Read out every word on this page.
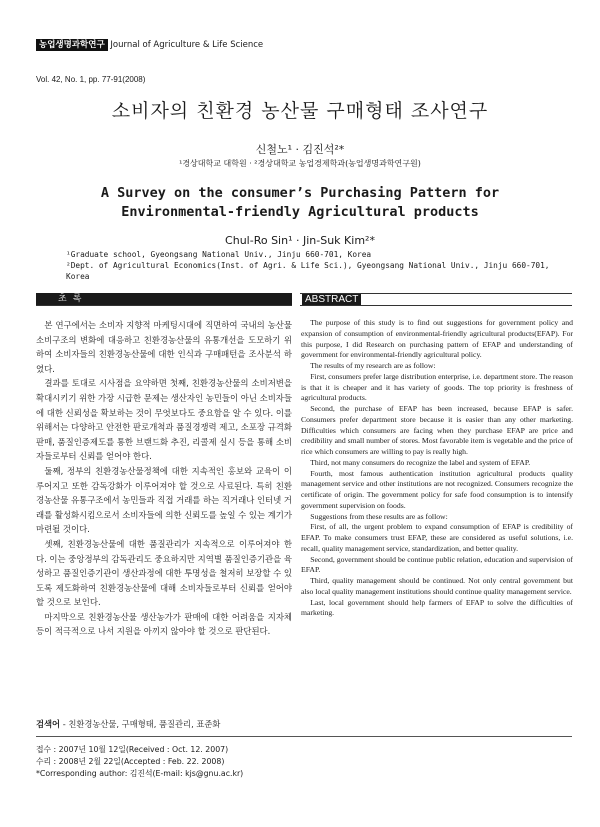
농업생명과학연구 Journal of Agriculture & Life Science
Vol. 42, No. 1, pp. 77-91(2008)
소비자의 친환경 농산물 구매형태 조사연구
신철노¹ · 김진석²*
¹경상대학교 대학원 · ²경상대학교 농업경제학과(농업생명과학연구원)
A Survey on the consumer’s Purchasing Pattern for
Environmental-friendly Agricultural products
Chul-Ro Sin¹ · Jin-Suk Kim²*
¹Graduate school, Gyeongsang National Univ., Jinju 660-701, Korea
²Dept. of Agricultural Economics(Inst. of Agri. & Life Sci.), Gyeongsang National Univ., Jinju 660-701, Korea
초록	ABSTRACT

본 연구에서는 소비자 지향적 마케팅시대에 직면하여 국내의 농산물 소비구조의 변화에 대응하고 친환경농산물의 유통개선을 도모하기 위하여 소비자들의 친환경농산물에 대한 인식과 구매패턴을 조사분석 하였다.

결과를 토대로 시사점을 요약하면 첫째, 친환경농산물의 소비저변을 확대시키기 위한 가장 시급한 문제는 생산자인 농민들이 아닌 소비자들에 대한 신뢰성을 확보하는 것이 무엇보다도 중요함을 알 수 있다. 이를 위해서는 다양하고 안전한 판로개척과 품질경쟁력 제고, 소포장 규격화 판매, 품질인증제도를 통한 브랜드화 추진, 리콜제 실시 등을 통해 소비자들로부터 신뢰를 얻어야 한다.

둘째, 정부의 친환경농산물정책에 대한 지속적인 홍보와 교육이 이루어지고 또한 감독강화가 이루어져야 할 것으로 사료된다. 특히 친환경농산물 유통구조에서 농민들과 직접 거래를 하는 직거래나 인터넷 거래를 활성화시킴으로서 소비자들에 의한 신뢰도를 높일 수 있는 계기가 마련될 것이다.

셋째, 친환경농산물에 대한 품질관리가 지속적으로 이루어져야 한다. 이는 중앙정부의 감독관리도 중요하지만 지역별 품질인증기관을 육성하고 품질인증기관이 생산과정에 대한 투명성을 철저히 보장할 수 있도록 제도화하여 친환경농산물에 대해 소비자들로부터 신뢰를 얻어야 할 것으로 보인다.

마지막으로 친환경농산물 생산농가가 판매에 대한 어려움을 지자체 등이 적극적으로 나서 지원을 아끼지 않아야 할 것으로 판단된다.

검색어 - 친환경농산물, 구매형태, 품질관리, 표준화

The purpose of this study is to find out suggestions for government policy and expansion of consumption of environmental-friendly agricultural products(EFAP). For this purpose, I did Research on purchasing pattern of EFAP and understanding of government for environmental-friendly agricultural policy.

The results of my research are as follow:

First, consumers prefer large distribution enterprise, i.e. department store. The reason is that it is cheaper and it has variety of goods. The top priority is freshness of agricultural products.

Second, the purchase of EFAP has been increased, because EFAP is safer. Consumers prefer department store because it is easier than any other marketing. Difficulties which consumers are facing when they purchase EFAP are price and credibility and small number of stores. Most favorable item is vegetable and the price of rice which consumers are willing to pay is really high.

Third, not many consumers do recognize the label and system of EFAP.

Fourth, most famous authentication institution agricultural products quality management service and other institutions are not recognized. Consumers recognize the certificate of origin. The government policy for safe food consumption is to intensify government supervision on foods.

Suggestions from these results are as follow:

First, of all, the urgent problem to expand consumption of EFAP is credibility of EFAP. To make consumers trust EFAP, these are considered as useful solutions, i.e. recall, quality management service, standardization, and better quality.

Second, government should be continue public relation, education and supervision of EFAP.

Third, quality management should be continued. Not only central government but also local quality management institutions should continue quality management service.

Last, local government should help farmers of EFAP to solve the difficulties of marketing.

접수 : 2007년 10월 12일(Received : Oct. 12. 2007)
수리 : 2008년 2월 22일(Accepted : Feb. 22. 2008)
*Corresponding author: 김진석(E-mail: kjs@gnu.ac.kr)
